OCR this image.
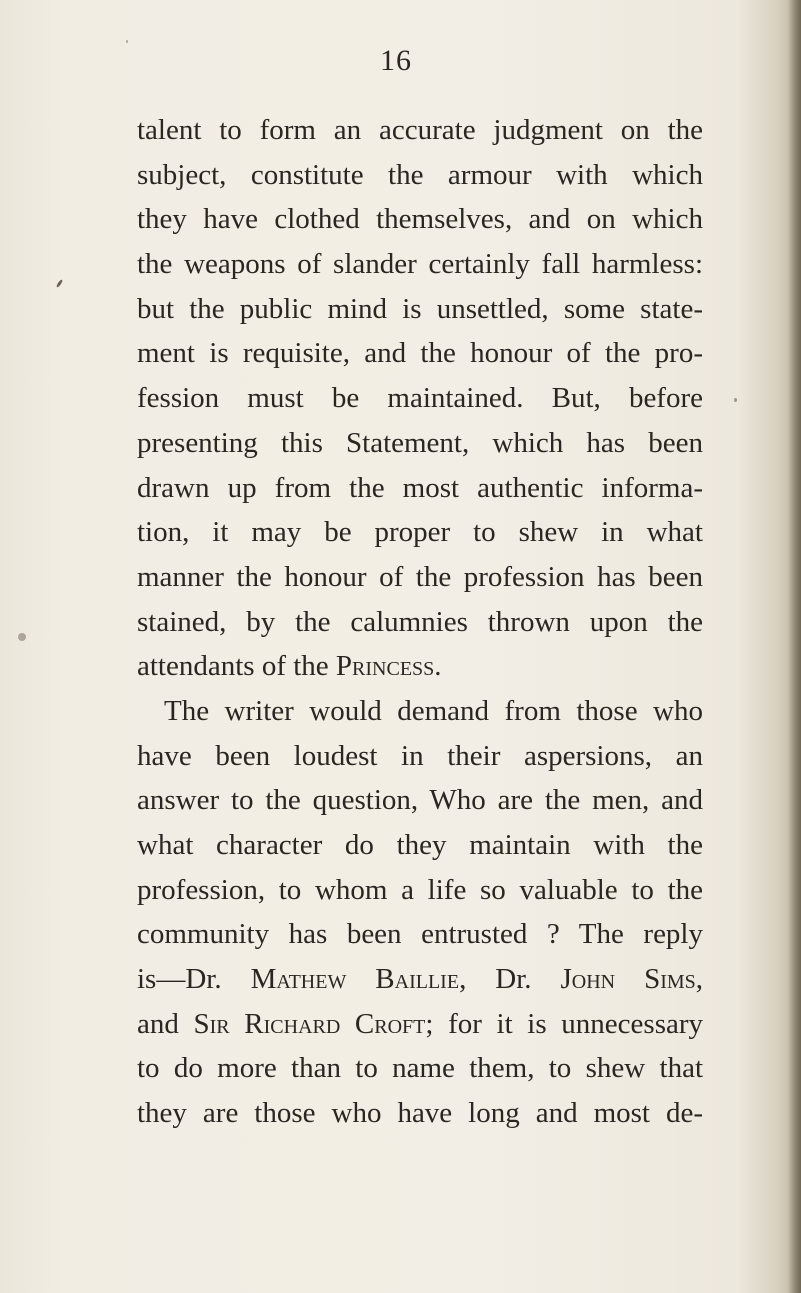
16
talent to form an accurate judgment on the
subject, constitute the armour with which
they have clothed themselves, and on which
the weapons of slander certainly fall harmless:
but the public mind is unsettled, some state-
ment is requisite, and the honour of the pro-
fession must be maintained. But, before
presenting this Statement, which has been
drawn up from the most authentic informa-
tion, it may be proper to shew in what
manner the honour of the profession has been
stained, by the calumnies thrown upon the
attendants of the Princess.
The writer would demand from those who
have been loudest in their aspersions, an
answer to the question, Who are the men, and
what character do they maintain with the
profession, to whom a life so valuable to the
community has been entrusted ? The reply
is—Dr. Mathew Baillie, Dr. John Sims,
and Sir Richard Croft; for it is unnecessary
to do more than to name them, to shew that
they are those who have long and most de-
